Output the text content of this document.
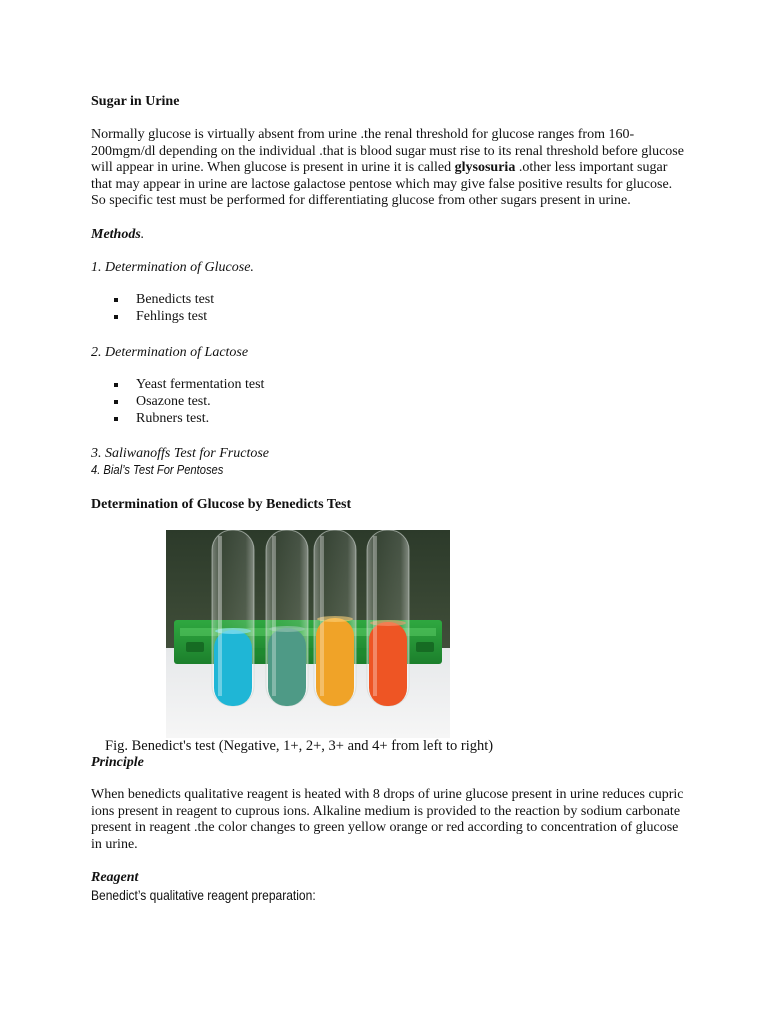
Sugar in Urine

Normally glucose is virtually absent from urine .the renal threshold for glucose ranges from 160-200mgm/dl depending on the individual .that is blood sugar must rise to its renal threshold before glucose will appear in urine. When glucose is present in urine it is called glysosuria .other less important sugar that may appear in urine are lactose galactose pentose which may give false positive results for glucose. So specific test must be performed for differentiating glucose from other sugars present in urine.

Methods.
1. Determination of Glucose.
Benedicts test
Fehlings test
2. Determination of Lactose
Yeast fermentation test
Osazone test.
Rubners test.
3. Saliwanoffs Test for Fructose
4. Bial’s Test For Pentoses
Determination of Glucose by Benedicts Test
Fig. Benedict's test (Negative, 1+, 2+, 3+ and 4+ from left to right)
Principle

When benedicts qualitative reagent is heated with 8 drops of urine glucose present in urine reduces cupric ions present in reagent to cuprous ions. Alkaline medium is provided to the reaction by sodium carbonate present in reagent .the color changes to green yellow orange or red according to concentration of glucose in urine.

Reagent
Benedict’s qualitative reagent preparation:
